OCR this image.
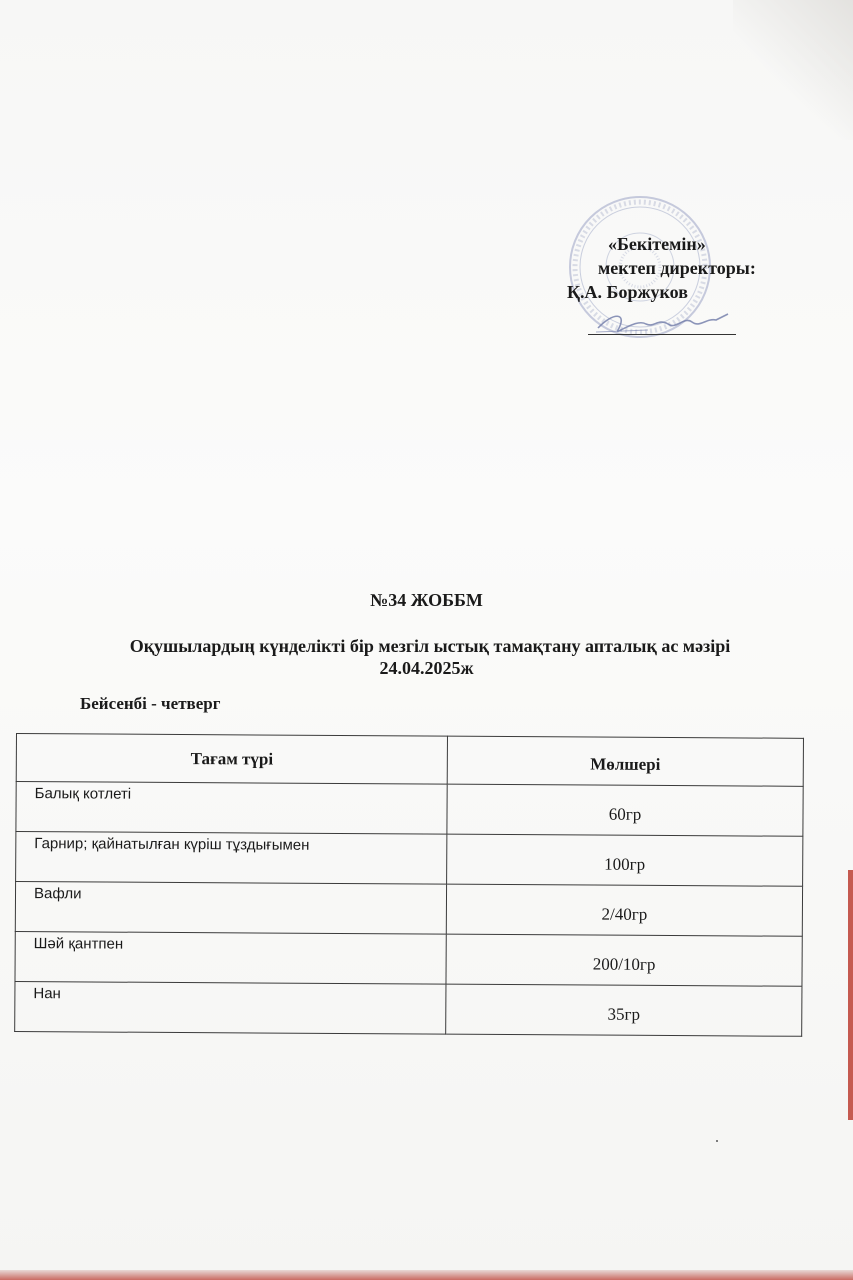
«Бекітемін»
мектеп директоры:
Қ.А. Боржуков
№34 ЖОББМ
Оқушылардың күнделікті бір мезгіл ыстық тамақтану апталық ас мәзірі
24.04.2025ж
Бейсенбі - четверг
Тағам түрі	Мөлшері
Балық котлеті	60гр
Гарнир; қайнатылған күріш тұздығымен	100гр
Вафли	2/40гр
Шәй қантпен	200/10гр
Нан	35гр
